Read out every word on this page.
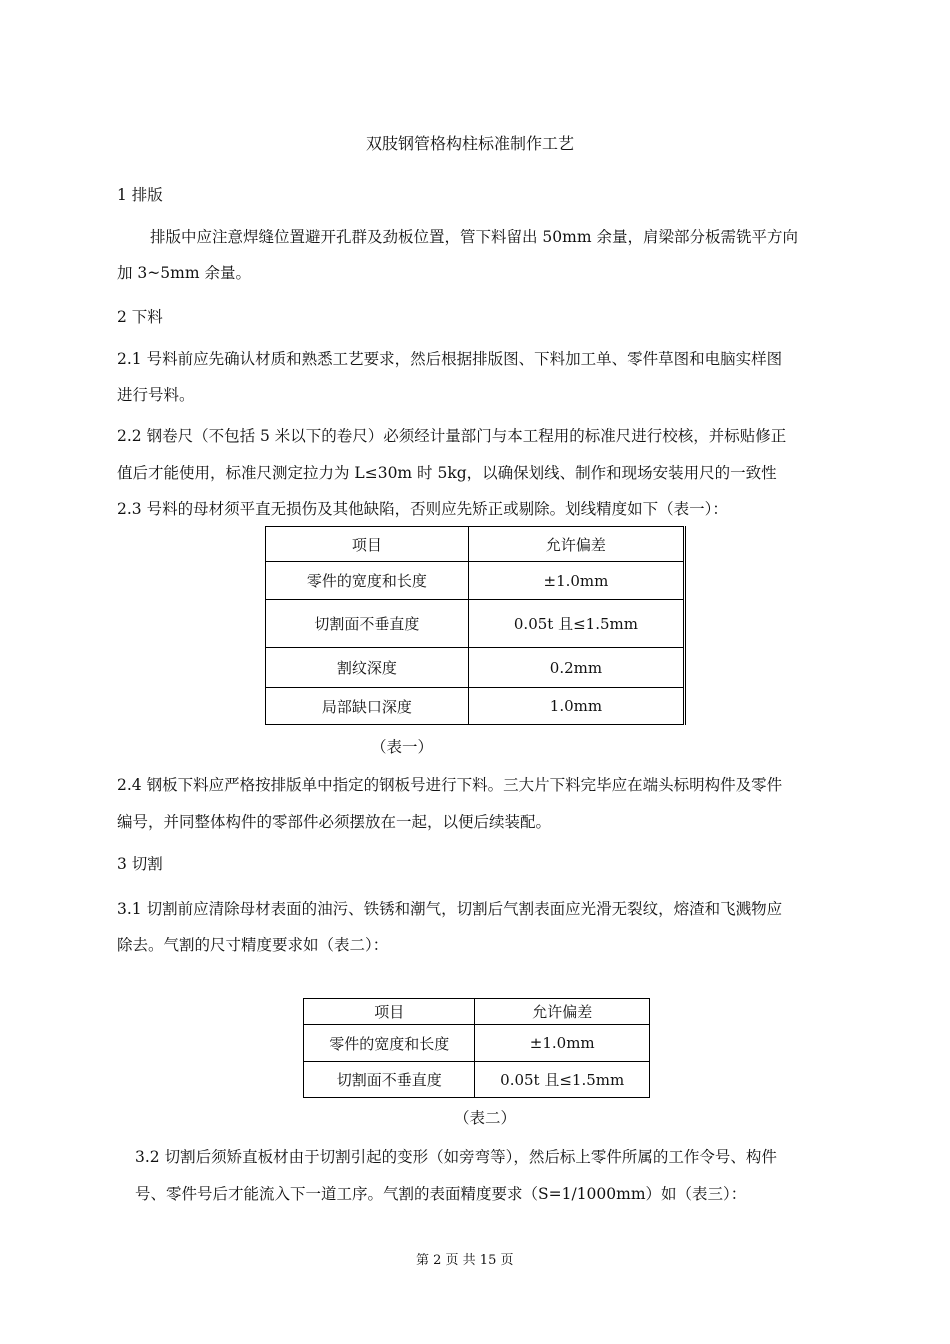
双肢钢管格构柱标准制作工艺
1 排版
排版中应注意焊缝位置避开孔群及劲板位置，管下料留出 50mm 余量，肩梁部分板需铣平方向
加 3~5mm 余量。
2 下料
2.1 号料前应先确认材质和熟悉工艺要求，然后根据排版图、下料加工单、零件草图和电脑实样图
进行号料。
2.2 钢卷尺（不包括 5 米以下的卷尺）必须经计量部门与本工程用的标准尺进行校核，并标贴修正
值后才能使用，标准尺测定拉力为 L≤30m 时 5kg，以确保划线、制作和现场安装用尺的一致性
2.3 号料的母材须平直无损伤及其他缺陷，否则应先矫正或剔除。划线精度如下（表一）：
项目	允许偏差
零件的宽度和长度	±1.0mm
切割面不垂直度	0.05t 且≤1.5mm
割纹深度	0.2mm
局部缺口深度	1.0mm
（表一）
2.4 钢板下料应严格按排版单中指定的钢板号进行下料。三大片下料完毕应在端头标明构件及零件
编号，并同整体构件的零部件必须摆放在一起，以便后续装配。
3 切割
3.1 切割前应清除母材表面的油污、铁锈和潮气，切割后气割表面应光滑无裂纹，熔渣和飞溅物应
除去。气割的尺寸精度要求如（表二）：
项目	允许偏差
零件的宽度和长度	±1.0mm
切割面不垂直度	0.05t 且≤1.5mm
（表二）
3.2 切割后须矫直板材由于切割引起的变形（如旁弯等），然后标上零件所属的工作令号、构件
号、零件号后才能流入下一道工序。气割的表面精度要求（S=1/1000mm）如（表三）：
第 2 页 共 15 页
